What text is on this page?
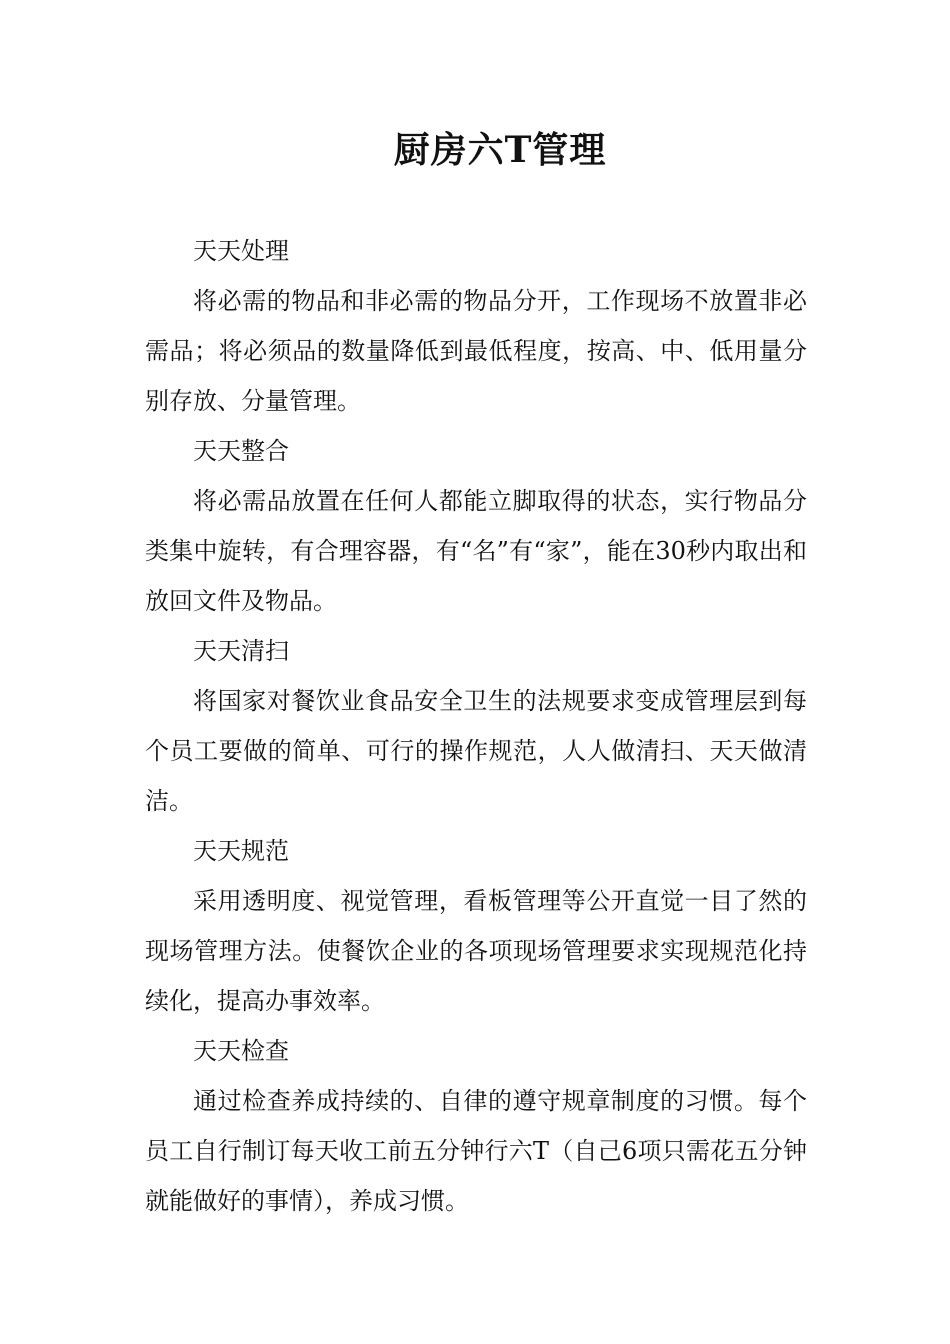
厨房六T管理

天天处理

将必需的物品和非必需的物品分开，工作现场不放置非必需品；将必须品的数量降低到最低程度，按高、中、低用量分别存放、分量管理。

天天整合

将必需品放置在任何人都能立脚取得的状态，实行物品分类集中旋转，有合理容器，有“名”有“家”，能在30秒内取出和放回文件及物品。

天天清扫

将国家对餐饮业食品安全卫生的法规要求变成管理层到每个员工要做的简单、可行的操作规范，人人做清扫、天天做清洁。

天天规范

采用透明度、视觉管理，看板管理等公开直觉一目了然的现场管理方法。使餐饮企业的各项现场管理要求实现规范化持续化，提高办事效率。

天天检查

通过检查养成持续的、自律的遵守规章制度的习惯。每个员工自行制订每天收工前五分钟行六T（自己6项只需花五分钟就能做好的事情），养成习惯。
